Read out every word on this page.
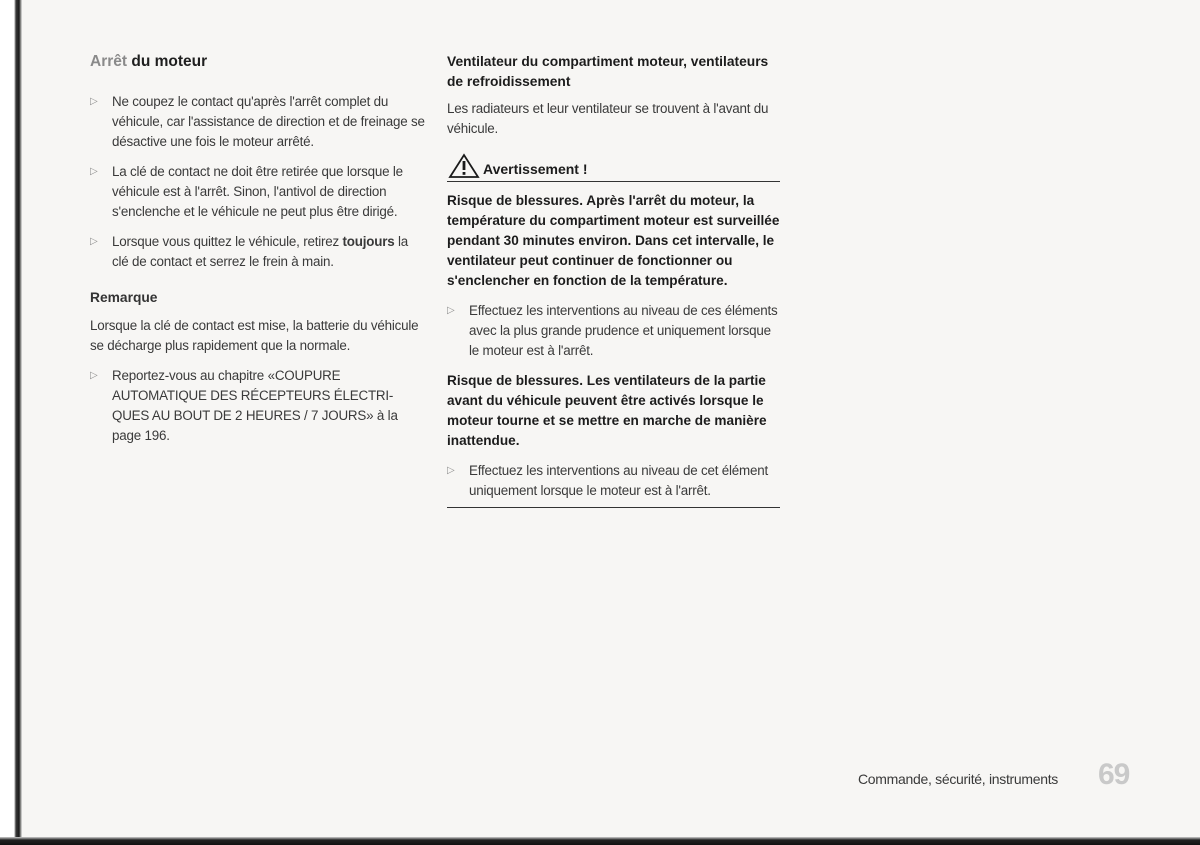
Arrêt du moteur
▷ Ne coupez le contact qu'après l'arrêt complet du véhicule, car l'assistance de direction et de freinage se désactive une fois le moteur arrêté.
▷ La clé de contact ne doit être retirée que lorsque le véhicule est à l'arrêt. Sinon, l'antivol de direction s'enclenche et le véhicule ne peut plus être dirigé.
▷ Lorsque vous quittez le véhicule, retirez toujours la clé de contact et serrez le frein à main.
Remarque

Lorsque la clé de contact est mise, la batterie du véhicule se décharge plus rapidement que la normale.

▷ Reportez-vous au chapitre «COUPURE AUTOMATIQUE DES RÉCEPTEURS ÉLECTRI-QUES AU BOUT DE 2 HEURES / 7 JOURS» à la page 196.
Ventilateur du compartiment moteur, ventilateurs de refroidissement

Les radiateurs et leur ventilateur se trouvent à l'avant du véhicule.

Avertissement !

Risque de blessures. Après l'arrêt du moteur, la température du compartiment moteur est surveillée pendant 30 minutes environ. Dans cet intervalle, le ventilateur peut continuer de fonctionner ou s'enclencher en fonction de la température.

▷ Effectuez les interventions au niveau de ces éléments avec la plus grande prudence et uniquement lorsque le moteur est à l'arrêt.

Risque de blessures. Les ventilateurs de la partie avant du véhicule peuvent être activés lorsque le moteur tourne et se mettre en marche de manière inattendue.

▷ Effectuez les interventions au niveau de cet élément uniquement lorsque le moteur est à l'arrêt.
Commande, sécurité, instruments 69
